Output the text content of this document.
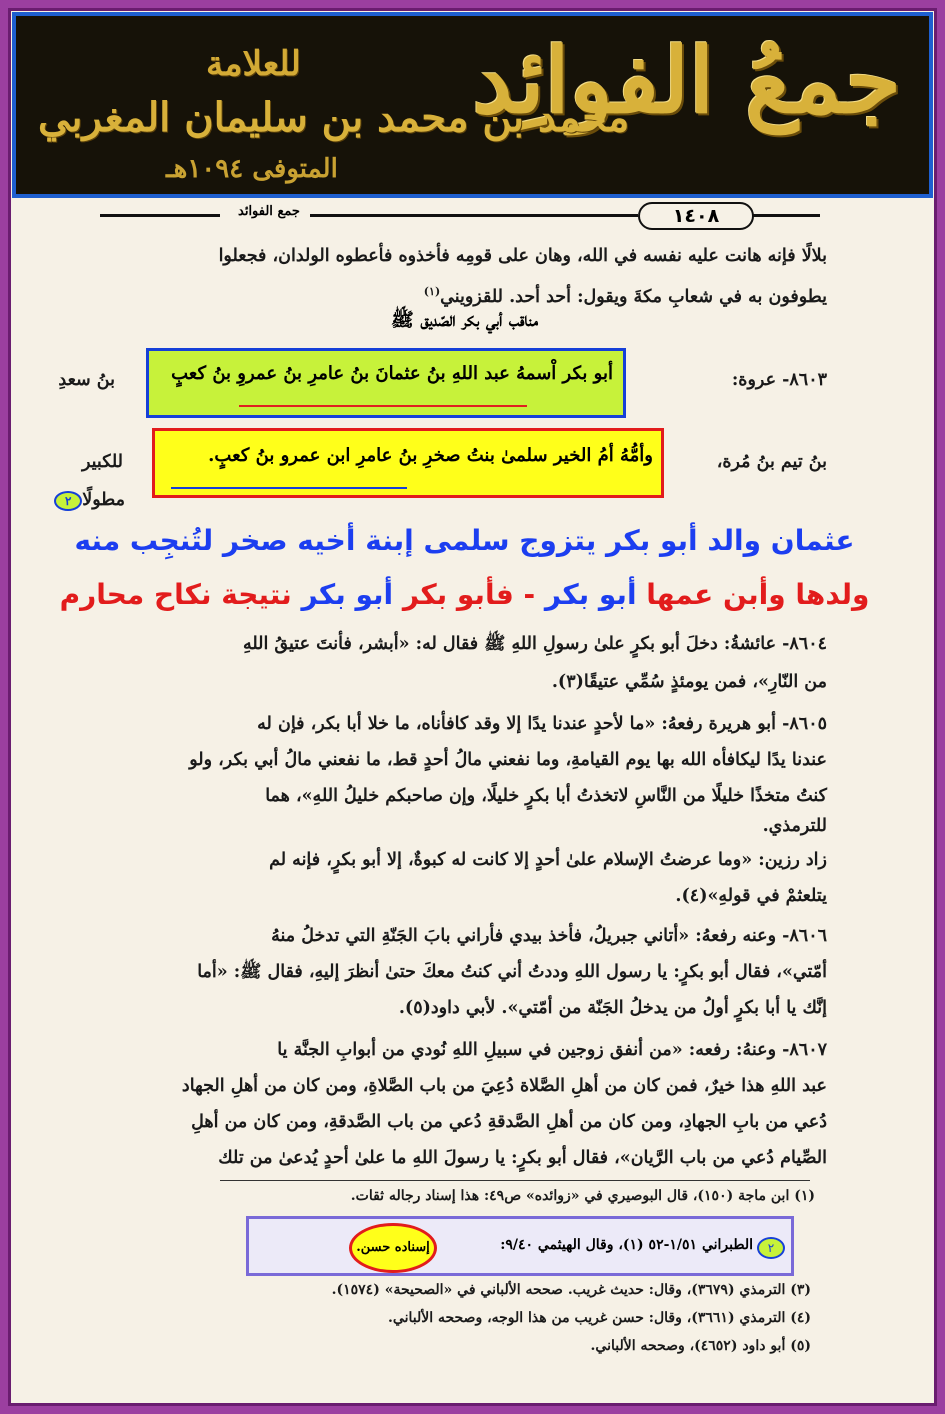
جمعُ الفوائِد
للعلامة
محمد بن محمد بن سليمان المغربي
المتوفى ١٠٩٤هـ
جمع الفوائد	١٤٠٨
بلالًا فإنه هانت عليه نفسه في الله، وهان على قومِه فأخذوه فأعطوه الولدان، فجعلوا
يطوفون به في شعابِ مكةَ ويقول: أحد أحد. للقزويني$^{(١)}$
مناقب أبي بكر الصّديق ﷺ
٨٦٠٣- عروة:
أبو بكر اْسمهُ عبد اللهِ بنُ عثمانَ بنُ عامرِ بنُ عمروِ بنُ كعبٍ
بنُ سعدِ
بنُ تيم بنُ مُرة،
وأمُّهُ أمُ الخير سلمىٰ بنتُ صخرِ بنُ عامرِ ابن عمرو بنُ كعبٍ.
للكبير
مطولًا٢
عثمان والد أبو بكر يتزوج سلمى إبنة أخيه صخر لتُنجِب منه
ولدها وأبن عمها أبو بكر - فأبو بكر أبو بكر نتيجة نكاح محارم
٨٦٠٤- عائشةُ: دخلَ أبو بكرٍ علىٰ رسولِ اللهِ ﷺ فقال له: «أبشر، فأنتَ عتيقُ اللهِ
من النّارِ»، فمن يومئذٍ سُمِّي عتيقًا(٣).
٨٦٠٥- أبو هريرة رفعهُ: «ما لأحدٍ عندنا يدًا إلا وقد كافأناه، ما خلا أبا بكر، فإن له
عندنا يدًا ليكافأه الله بها يوم القيامةِ، وما نفعني مالُ أحدٍ قط، ما نفعني مالُ أبي بكر، ولو
كنتُ متخذًا خليلًا من النَّاسِ لاتخذتُ أبا بكرٍ خليلًا، وإن صاحبكم خليلُ اللهِ»، هما
للترمذي.
زاد رزين: «وما عرضتُ الإسلام علىٰ أحدٍ إلا كانت له كبوةٌ، إلا أبو بكرٍ، فإنه لم
يتلعثمْ في قولهِ»(٤).
٨٦٠٦- وعنه رفعهُ: «أتاني جبريلُ، فأخذ بيدي فأراني بابَ الجَنّةِ التي تدخلُ منهُ
أمّتي»، فقال أبو بكرٍ: يا رسول اللهِ وددتُ أني كنتُ معكَ حتىٰ أنظرَ إليهِ، فقال ﷺ: «أما
إنَّك يا أبا بكرٍ أولُ من يدخلُ الجَنّة من أمّتي». لأبي داود(٥).
٨٦٠٧- وعنهُ: رفعه: «من أنفق زوجين في سبيلِ اللهِ نُودي من أبوابِ الجنَّة يا
عبد اللهِ هذا خيرٌ، فمن كان من أهلِ الصَّلاة دُعِيَ من باب الصَّلاةِ، ومن كان من أهلِ الجهاد
دُعي من بابِ الجهادِ، ومن كان من أهلِ الصَّدقةِ دُعي من باب الصَّدقةِ، ومن كان من أهلِ
الصِّيام دُعي من باب الرَّيان»، فقال أبو بكرٍ: يا رسولَ اللهِ ما علىٰ أحدٍ يُدعىٰ من تلك
(١) ابن ماجة (١٥٠)، قال البوصيري في «زوائده» ص٤٩: هذا إسناد رجاله ثقات.
٢
الطبراني ١/٥١-٥٢ (١)، وقال الهيثمي ٩/٤٠:
إسناده حسن.
(٣) الترمذي (٣٦٧٩)، وقال: حديث غريب. صححه الألباني في «الصحيحة» (١٥٧٤).
(٤) الترمذي (٣٦٦١)، وقال: حسن غريب من هذا الوجه، وصححه الألباني.
(٥) أبو داود (٤٦٥٢)، وصححه الألباني.
